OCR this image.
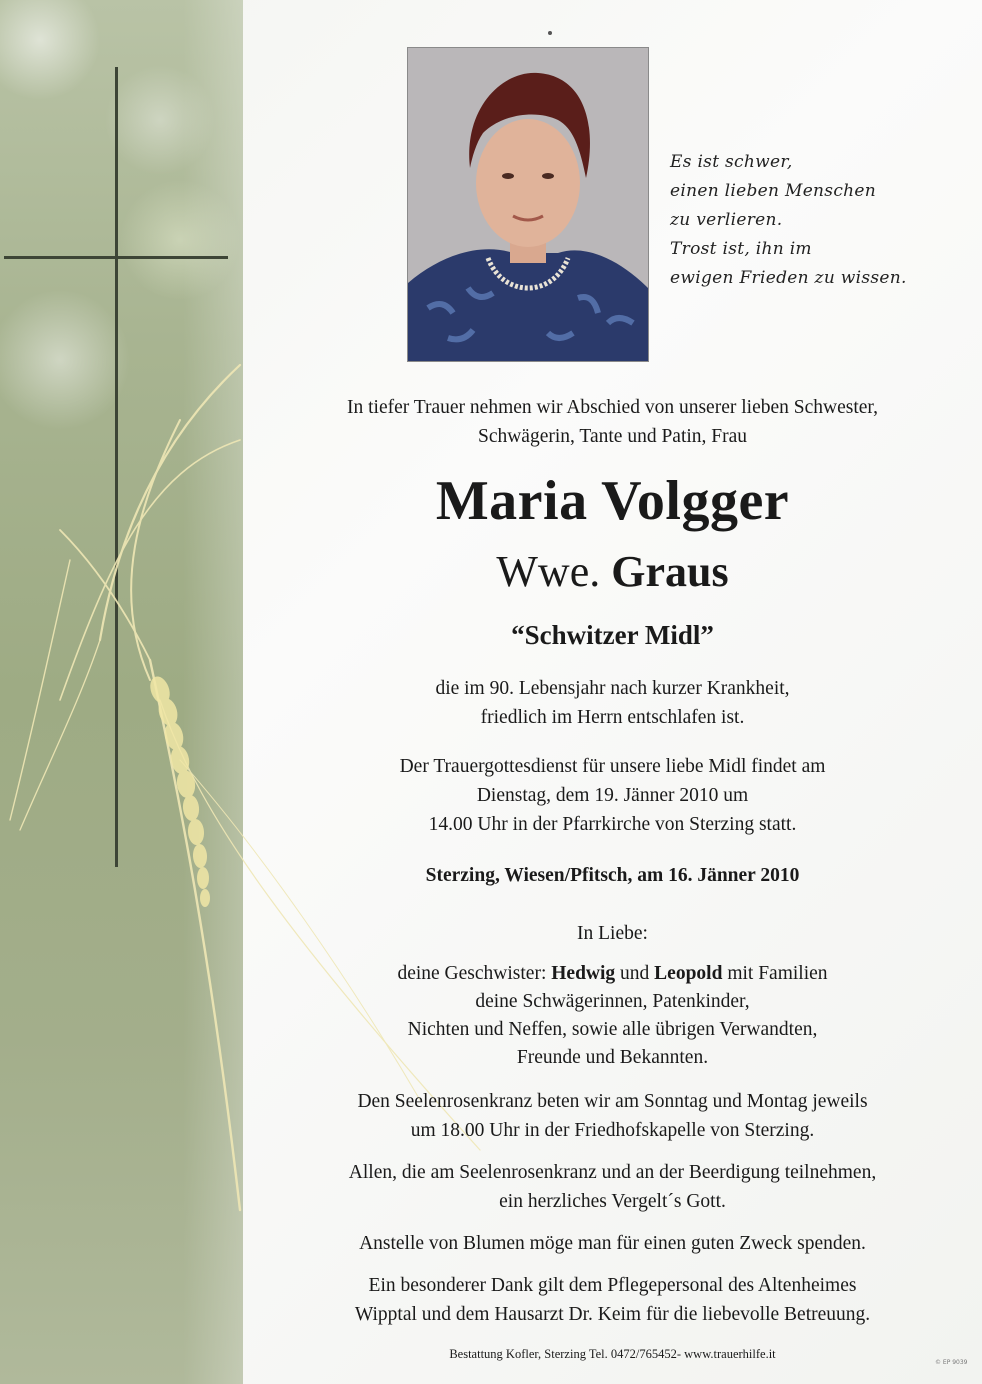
Es ist schwer,
einen lieben Menschen
zu verlieren.
Trost ist, ihn im
ewigen Frieden zu wissen.
In tiefer Trauer nehmen wir Abschied von unserer lieben Schwester,
Schwägerin, Tante und Patin, Frau
Maria Volgger
Wwe. Graus
“Schwitzer Midl”
die im 90. Lebensjahr nach kurzer Krankheit,
friedlich im Herrn entschlafen ist.
Der Trauergottesdienst für unsere liebe Midl findet am
Dienstag, dem 19. Jänner 2010 um
14.00 Uhr in der Pfarrkirche von Sterzing statt.
Sterzing, Wiesen/Pfitsch, am 16. Jänner 2010
In Liebe:
deine Geschwister: Hedwig und Leopold mit Familien
deine Schwägerinnen, Patenkinder,
Nichten und Neffen, sowie alle übrigen Verwandten,
Freunde und Bekannten.
Den Seelenrosenkranz beten wir am Sonntag und Montag jeweils
um 18.00 Uhr in der Friedhofskapelle von Sterzing.
Allen, die am Seelenrosenkranz und an der Beerdigung teilnehmen,
ein herzliches Vergelt´s Gott.
Anstelle von Blumen möge man für einen guten Zweck spenden.
Ein besonderer Dank gilt dem Pflegepersonal des Altenheimes
Wipptal und dem Hausarzt Dr. Keim für die liebevolle Betreuung.
Bestattung Kofler, Sterzing Tel. 0472/765452- www.trauerhilfe.it
© EP 9039
